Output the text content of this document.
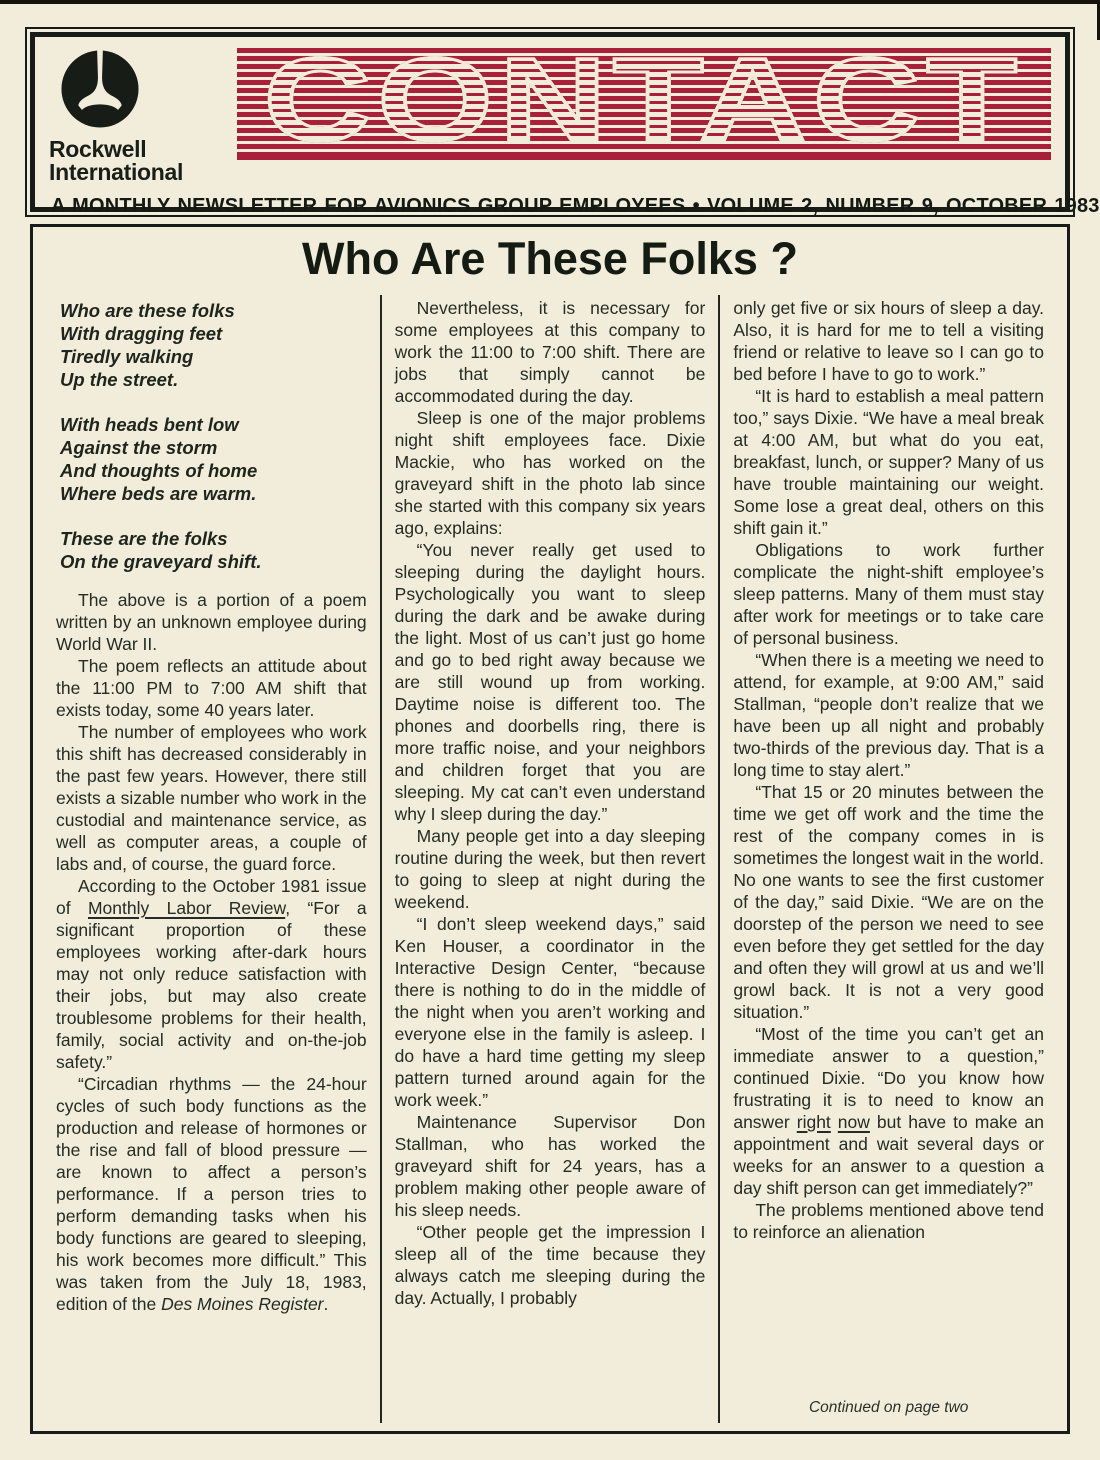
Rockwell
International
CONTACT
A MONTHLY NEWSLETTER FOR AVIONICS GROUP EMPLOYEES • VOLUME 2, NUMBER 9, OCTOBER 1983
Who Are These Folks ?
Who are these folks
With dragging feet
Tiredly walking
Up the street.
With heads bent low
Against the storm
And thoughts of home
Where beds are warm.
These are the folks
On the graveyard shift.

The above is a portion of a poem written by an unknown employee during World War II.

The poem reflects an attitude about the 11:00 PM to 7:00 AM shift that exists today, some 40 years later.

The number of employees who work this shift has decreased considerably in the past few years. However, there still exists a sizable number who work in the custodial and maintenance service, as well as computer areas, a couple of labs and, of course, the guard force.

According to the October 1981 issue of Monthly Labor Review, “For a significant proportion of these employees working after-dark hours may not only reduce satisfaction with their jobs, but may also create troublesome problems for their health, family, social activity and on-the-job safety.”

“Circadian rhythms — the 24-hour cycles of such body functions as the production and release of hormones or the rise and fall of blood pressure — are known to affect a person’s performance. If a person tries to perform demanding tasks when his body functions are geared to sleeping, his work becomes more difficult.” This was taken from the July 18, 1983, edition of the Des Moines Register.

Nevertheless, it is necessary for some employees at this company to work the 11:00 to 7:00 shift. There are jobs that simply cannot be accommodated during the day.

Sleep is one of the major problems night shift employees face. Dixie Mackie, who has worked on the graveyard shift in the photo lab since she started with this company six years ago, explains:

“You never really get used to sleeping during the daylight hours. Psychologically you want to sleep during the dark and be awake during the light. Most of us can’t just go home and go to bed right away because we are still wound up from working. Daytime noise is different too. The phones and doorbells ring, there is more traffic noise, and your neighbors and children forget that you are sleeping. My cat can’t even understand why I sleep during the day.”

Many people get into a day sleeping routine during the week, but then revert to going to sleep at night during the weekend.

“I don’t sleep weekend days,” said Ken Houser, a coordinator in the Interactive Design Center, “because there is nothing to do in the middle of the night when you aren’t working and everyone else in the family is asleep. I do have a hard time getting my sleep pattern turned around again for the work week.”

Maintenance Supervisor Don Stallman, who has worked the graveyard shift for 24 years, has a problem making other people aware of his sleep needs.

“Other people get the impression I sleep all of the time because they always catch me sleeping during the day. Actually, I probably

only get five or six hours of sleep a day. Also, it is hard for me to tell a visiting friend or relative to leave so I can go to bed before I have to go to work.”

“It is hard to establish a meal pattern too,” says Dixie. “We have a meal break at 4:00 AM, but what do you eat, breakfast, lunch, or supper? Many of us have trouble maintaining our weight. Some lose a great deal, others on this shift gain it.”

Obligations to work further complicate the night-shift employee’s sleep patterns. Many of them must stay after work for meetings or to take care of personal business.

“When there is a meeting we need to attend, for example, at 9:00 AM,” said Stallman, “people don’t realize that we have been up all night and probably two-thirds of the previous day. That is a long time to stay alert.”

“That 15 or 20 minutes between the time we get off work and the time the rest of the company comes in is sometimes the longest wait in the world. No one wants to see the first customer of the day,” said Dixie. “We are on the doorstep of the person we need to see even before they get settled for the day and often they will growl at us and we’ll growl back. It is not a very good situation.”

“Most of the time you can’t get an immediate answer to a question,” continued Dixie. “Do you know how frustrating it is to need to know an answer right now but have to make an appointment and wait several days or weeks for an answer to a question a day shift person can get immediately?”

The problems mentioned above tend to reinforce an alienation

Continued on page two
